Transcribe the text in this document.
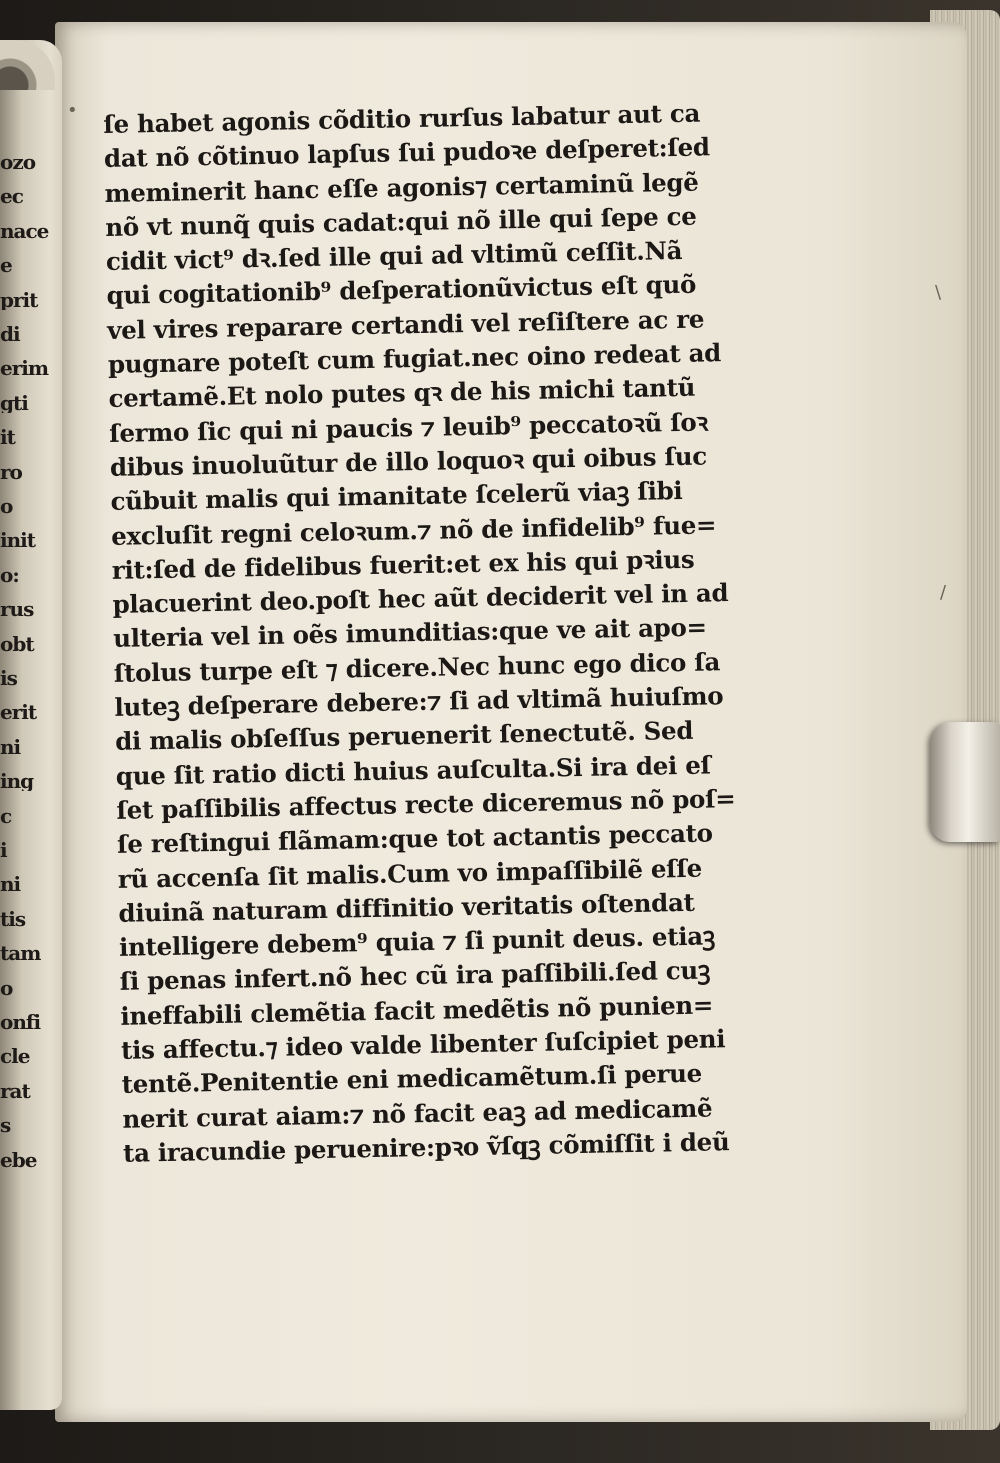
ſe habet agonis cõditio rurſus labatur aut ca
dat nõ cõtinuo lapſus ſui pudoꝛe deſperet:ſed
meminerit hanc eſſe agonis⁊ certaminũ legẽ
nõ vt nunq̃ quis cadat:qui nõ ille qui ſepe ce
cidit vict⁹ dꝛ.ſed ille qui ad vltimũ ceſſit.Nã
qui cogitationib⁹ deſperationũvictus eſt quõ
vel vires reparare certandi vel reſiſtere ac re
pugnare poteſt cum fugiat.nec oino redeat ad
certamẽ.Et nolo putes qꝛ de his michi tantũ
ſermo ſic qui ni paucis ⁊ leuib⁹ peccatoꝛũ ſoꝛ
dibus inuoluũtur de illo loquoꝛ qui oibus ſuc
cũbuit malis qui imanitate ſcelerũ viaꝫ ſibi
excluſit regni celoꝛum.⁊ nõ de infidelib⁹ fue=
rit:ſed de fidelibus fuerit:et ex his qui pꝛius
placuerint deo.poſt hec aũt deciderit vel in ad
ulteria vel in oẽs imunditias:que ve ait apo=
ſtolus turpe eſt ⁊ dicere.Nec hunc ego dico ſa
luteꝫ deſperare debere:⁊ ſi ad vltimã huiuſmo
di malis obſeſſus peruenerit ſenectutẽ. Sed
que ſit ratio dicti huius auſculta.Si ira dei eſ
ſet paſſibilis affectus recte diceremus nõ poſ=
ſe reſtingui flãmam:que tot actantis peccato
rũ accenſa ſit malis.Cum vo impaſſibilẽ eſſe
diuinã naturam diffinitio veritatis oſtendat
intelligere debem⁹ quia ⁊ ſi punit deus. etiaꝫ
ſi penas infert.nõ hec cũ ira paſſibili.ſed cuꝫ
ineffabili clemẽtia facit medẽtis nõ punien=
tis affectu.⁊ ideo valde libenter ſuſcipiet peni
tentẽ.Penitentie eni medicamẽtum.ſi perue
nerit curat aiam:⁊ nõ facit eaꝫ ad medicamẽ
ta iracundie peruenire:pꝛo ṽſqꝫ cõmiſſit i deũ
•
\
/
ozo
ec
nace
e
prit
di
erim
gti
it
ro
o
init
o:
rus
obt
is
erit
ni
ing
c
i
ni
tis
tam
o
onfi
cle
rat
s
ebe
